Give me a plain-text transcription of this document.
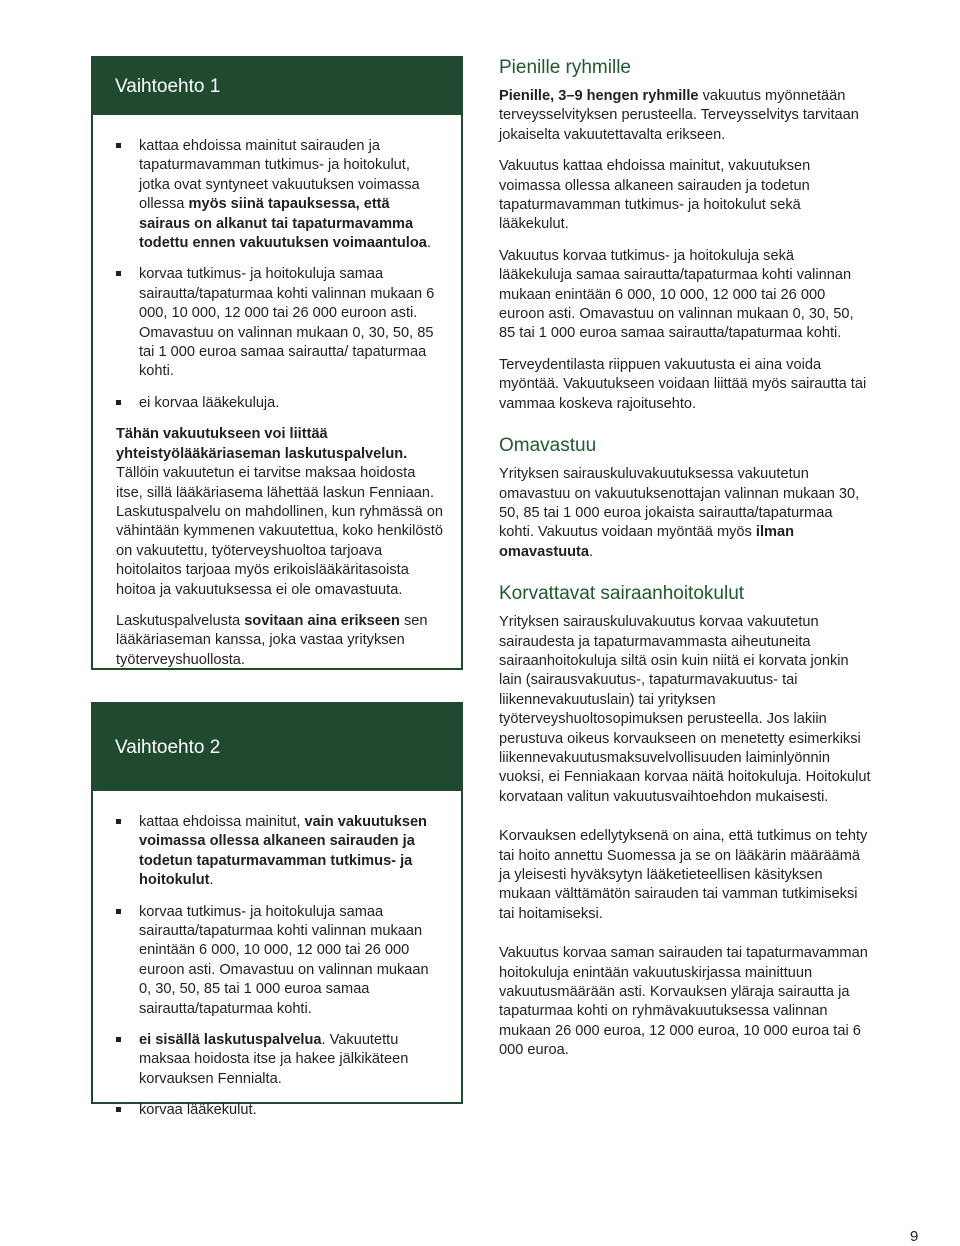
Vaihtoehto 1

kattaa ehdoissa mainitut sairauden ja tapaturmavamman tutkimus- ja hoitokulut, jotka ovat syntyneet vakuutuksen voimassa ollessa myös siinä tapauksessa, että sairaus on alkanut tai tapaturmavamma todettu ennen vakuutuksen voimaantuloa.

korvaa tutkimus- ja hoitokuluja samaa sairautta/tapaturmaa kohti valinnan mukaan 6 000, 10 000, 12 000 tai 26 000 euroon asti.

Omavastuu on valinnan mukaan 0, 30, 50, 85 tai 1 000 euroa samaa sairautta/ tapaturmaa kohti.

ei korvaa lääkekuluja.

Tähän vakuutukseen voi liittää yhteistyölääkäriaseman laskutuspalvelun. Tällöin vakuutetun ei tarvitse maksaa hoidosta itse, sillä lääkäriasema lähettää laskun Fenniaan. Laskutuspalvelu on mahdollinen, kun ryhmässä on vähintään kymmenen vakuutettua, koko henkilöstö on vakuutettu, työterveyshuoltoa tarjoava hoitolaitos tarjoaa myös erikoislääkäritasoista hoitoa ja vakuutuksessa ei ole omavastuuta.

Laskutuspalvelusta sovitaan aina erikseen sen lääkäriaseman kanssa, joka vastaa yrityksen työterveyshuollosta.

Vaihtoehto 2

kattaa ehdoissa mainitut, vain vakuutuksen voimassa ollessa alkaneen sairauden ja todetun tapaturmavamman tutkimus- ja hoitokulut.

korvaa tutkimus- ja hoitokuluja samaa sairautta/tapaturmaa kohti valinnan mukaan enintään 6 000, 10 000, 12 000 tai 26 000 euroon asti. Omavastuu on valinnan mukaan 0, 30, 50, 85 tai 1 000 euroa samaa sairautta/tapaturmaa kohti.

ei sisällä laskutuspalvelua. Vakuutettu maksaa hoidosta itse ja hakee jälkikäteen korvauksen Fennialta.

korvaa lääkekulut.

Pienille ryhmille

Pienille, 3–9 hengen ryhmille vakuutus myönnetään terveysselvityksen perusteella. Terveysselvitys tarvitaan jokaiselta vakuutettavalta erikseen.

Vakuutus kattaa ehdoissa mainitut, vakuutuksen voimassa ollessa alkaneen sairauden ja todetun tapaturmavamman tutkimus- ja hoitokulut sekä lääkekulut.

Vakuutus korvaa tutkimus- ja hoitokuluja sekä lääkekuluja samaa sairautta/tapaturmaa kohti valinnan mukaan enintään 6 000, 10 000, 12 000 tai 26 000 euroon asti. Omavastuu on valinnan mukaan 0, 30, 50, 85 tai 1 000 euroa samaa sairautta/tapaturmaa kohti.

Terveydentilasta riippuen vakuutusta ei aina voida myöntää. Vakuutukseen voidaan liittää myös sairautta tai vammaa koskeva rajoitusehto.

Omavastuu

Yrityksen sairauskuluvakuutuksessa vakuutetun omavastuu on vakuutuksenottajan valinnan mukaan 30, 50, 85 tai 1 000 euroa jokaista sairautta/tapaturmaa kohti. Vakuutus voidaan myöntää myös ilman omavastuuta.

Korvattavat sairaanhoitokulut

Yrityksen sairauskuluvakuutus korvaa vakuutetun sairaudesta ja tapaturmavammasta aiheutuneita sairaanhoitokuluja siltä osin kuin niitä ei korvata jonkin lain (sairausvakuutus-, tapaturmavakuutus- tai liikennevakuutuslain) tai yrityksen työterveyshuoltosopimuksen perusteella. Jos lakiin perustuva oikeus korvaukseen on menetetty esimerkiksi liikennevakuutusmaksuvelvollisuuden laiminlyönnin vuoksi, ei Fenniakaan korvaa näitä hoitokuluja. Hoitokulut korvataan valitun vakuutusvaihtoehdon mukaisesti.

Korvauksen edellytyksenä on aina, että tutkimus on tehty tai hoito annettu Suomessa ja se on lääkärin määräämä ja yleisesti hyväksytyn lääketieteellisen käsityksen mukaan välttämätön sairauden tai vamman tutkimiseksi tai hoitamiseksi.

Vakuutus korvaa saman sairauden tai tapaturmavamman hoitokuluja enintään vakuutuskirjassa mainittuun vakuutusmäärään asti. Korvauksen yläraja sairautta ja tapaturmaa kohti on ryhmävakuutuksessa valinnan mukaan 26 000 euroa, 12 000 euroa, 10 000 euroa tai 6 000 euroa.

9
